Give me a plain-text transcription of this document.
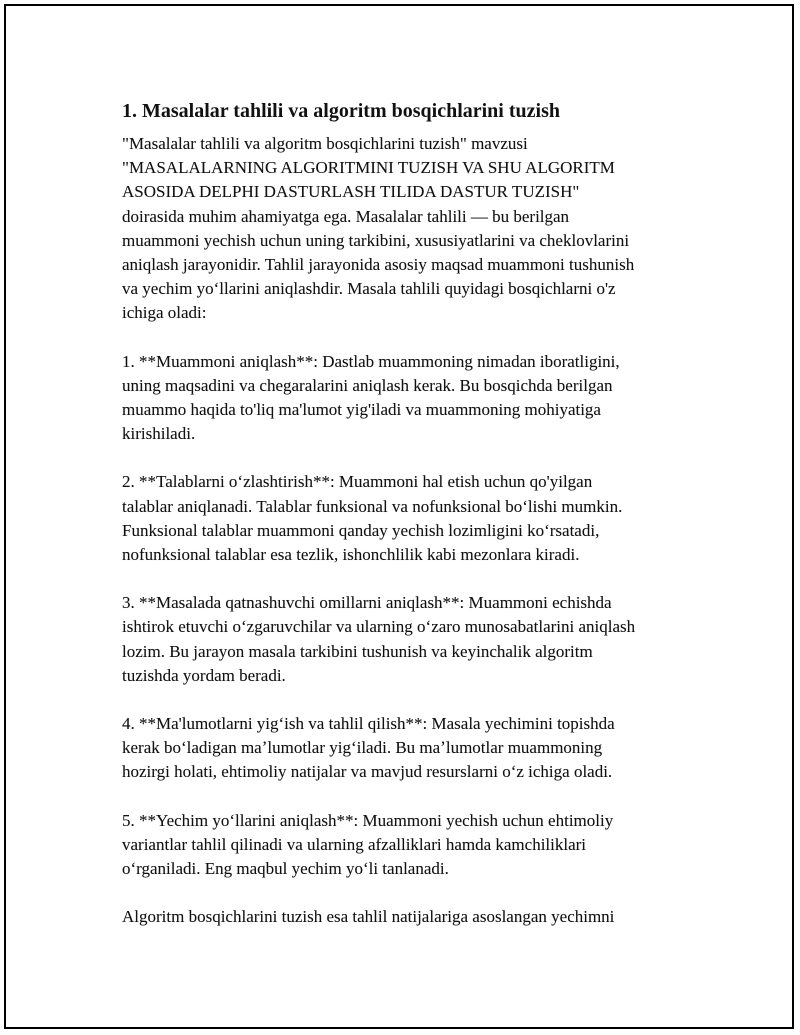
1. Masalalar tahlili va algoritm bosqichlarini tuzish
"Masalalar tahlili va algoritm bosqichlarini tuzish" mavzusi
"MASALALARNING ALGORITMINI TUZISH VA SHU ALGORITM
ASOSIDA DELPHI DASTURLASH TILIDA DASTUR TUZISH"
doirasida muhim ahamiyatga ega. Masalalar tahlili — bu berilgan
muammoni yechish uchun uning tarkibini, xususiyatlarini va cheklovlarini
aniqlash jarayonidir. Tahlil jarayonida asosiy maqsad muammoni tushunish
va yechim yoʻllarini aniqlashdir. Masala tahlili quyidagi bosqichlarni o'z
ichiga oladi:
1. **Muammoni aniqlash**: Dastlab muammoning nimadan iboratligini,
uning maqsadini va chegaralarini aniqlash kerak. Bu bosqichda berilgan
muammo haqida to'liq ma'lumot yig'iladi va muammoning mohiyatiga
kirishiladi.
2. **Talablarni oʻzlashtirish**: Muammoni hal etish uchun qo'yilgan
talablar aniqlanadi. Talablar funksional va nofunksional boʻlishi mumkin.
Funksional talablar muammoni qanday yechish lozimligini koʻrsatadi,
nofunksional talablar esa tezlik, ishonchlilik kabi mezonlara kiradi.
3. **Masalada qatnashuvchi omillarni aniqlash**: Muammoni echishda
ishtirok etuvchi oʻzgaruvchilar va ularning oʻzaro munosabatlarini aniqlash
lozim. Bu jarayon masala tarkibini tushunish va keyinchalik algoritm
tuzishda yordam beradi.
4. **Ma'lumotlarni yigʻish va tahlil qilish**: Masala yechimini topishda
kerak boʻladigan maʼlumotlar yigʻiladi. Bu maʼlumotlar muammoning
hozirgi holati, ehtimoliy natijalar va mavjud resurslarni oʻz ichiga oladi.
5. **Yechim yoʻllarini aniqlash**: Muammoni yechish uchun ehtimoliy
variantlar tahlil qilinadi va ularning afzalliklari hamda kamchiliklari
oʻrganiladi. Eng maqbul yechim yoʻli tanlanadi.
Algoritm bosqichlarini tuzish esa tahlil natijalariga asoslangan yechimni
